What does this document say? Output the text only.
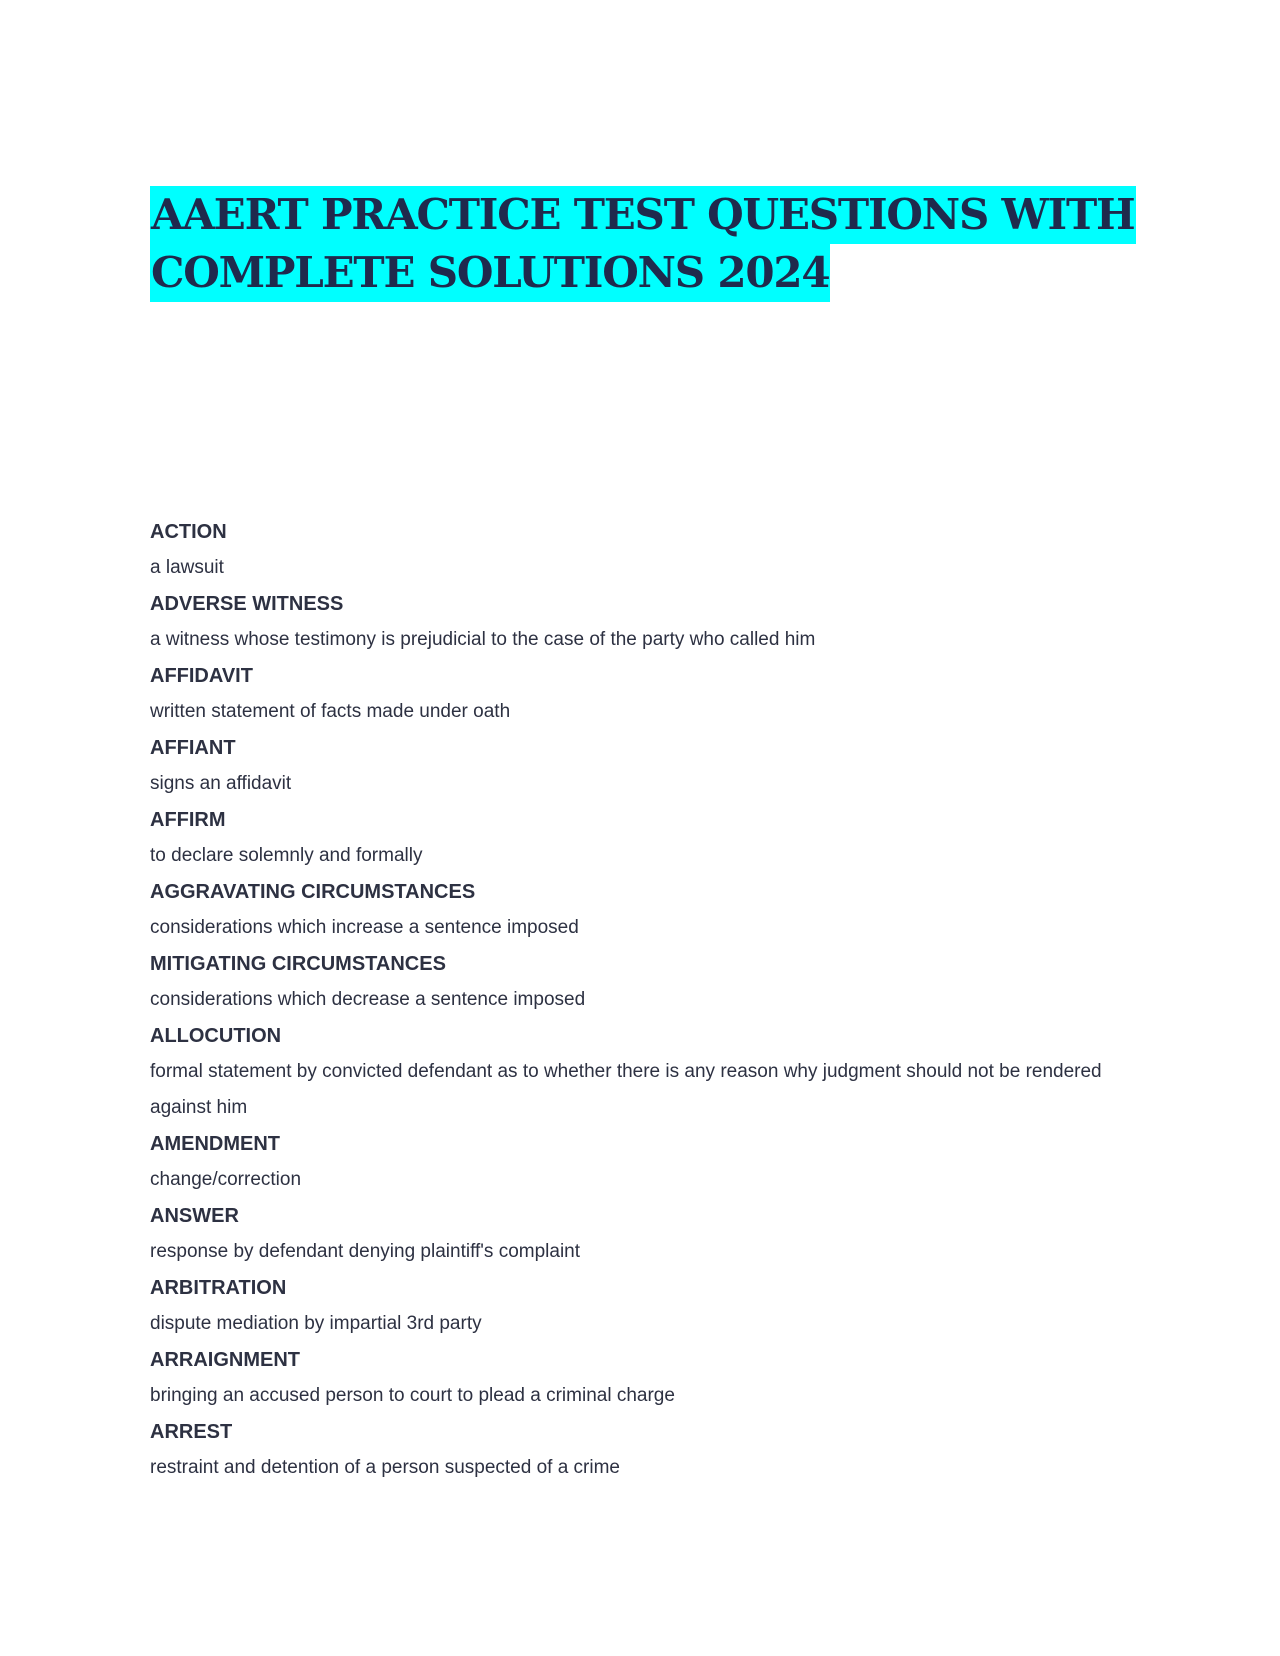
AAERT PRACTICE TEST QUESTIONS WITH
COMPLETE SOLUTIONS 2024

ACTION

a lawsuit

ADVERSE WITNESS

a witness whose testimony is prejudicial to the case of the party who called him

AFFIDAVIT

written statement of facts made under oath

AFFIANT

signs an affidavit

AFFIRM

to declare solemnly and formally

AGGRAVATING CIRCUMSTANCES

considerations which increase a sentence imposed

MITIGATING CIRCUMSTANCES

considerations which decrease a sentence imposed

ALLOCUTION

formal statement by convicted defendant as to whether there is any reason why judgment should not be rendered against him

AMENDMENT

change/correction

ANSWER

response by defendant denying plaintiff's complaint

ARBITRATION

dispute mediation by impartial 3rd party

ARRAIGNMENT

bringing an accused person to court to plead a criminal charge

ARREST

restraint and detention of a person suspected of a crime
